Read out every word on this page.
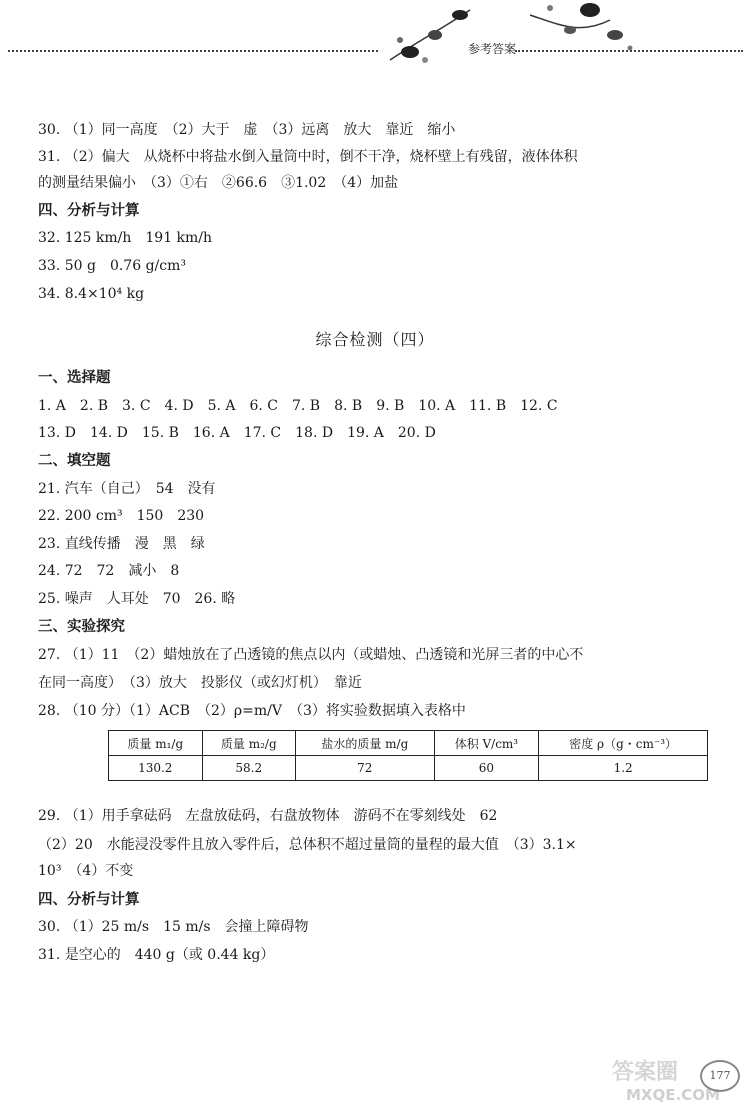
参考答案
30. （1）同一高度　（2）大于　虚　（3）远离　放大　靠近　缩小
31. （2）偏大　从烧杯中将盐水倒入量筒中时，倒不干净，烧杯壁上有残留，液体体积
的测量结果偏小　（3）①右　②66.6　③1.02　（4）加盐
四、分析与计算
32. 125 km/h　191 km/h
33. 50 g　0.76 g/cm³
34. 8.4×10⁴ kg
综合检测（四）
一、选择题
1. A　2. B　3. C　4. D　5. A　6. C　7. B　8. B　9. B　10. A　11. B　12. C
13. D　14. D　15. B　16. A　17. C　18. D　19. A　20. D
二、填空题
21. 汽车（自己）　54　没有
22. 200 cm³　150　230
23. 直线传播　漫　黑　绿
24. 72　72　减小　8
25. 噪声　人耳处　70　26. 略
三、实验探究
27. （1）11　（2）蜡烛放在了凸透镜的焦点以内（或蜡烛、凸透镜和光屏三者的中心不
在同一高度）　（3）放大　投影仪（或幻灯机）　靠近
28. （10 分）（1）ACB　（2）ρ=m/V　（3）将实验数据填入表格中
质量 m₁/g	质量 m₂/g	盐水的质量 m/g	体积 V/cm³	密度 ρ（g・cm⁻³）
130.2	58.2	72	60	1.2
29. （1）用手拿砝码　左盘放砝码，右盘放物体　游码不在零刻线处　62
（2）20　水能浸没零件且放入零件后，总体积不超过量筒的量程的最大值　（3）3.1×
10³　（4）不变
四、分析与计算
30. （1）25 m/s　15 m/s　会撞上障碍物
31. 是空心的　440 g（或 0.44 kg）
答案圈
MXQE.COM
177
